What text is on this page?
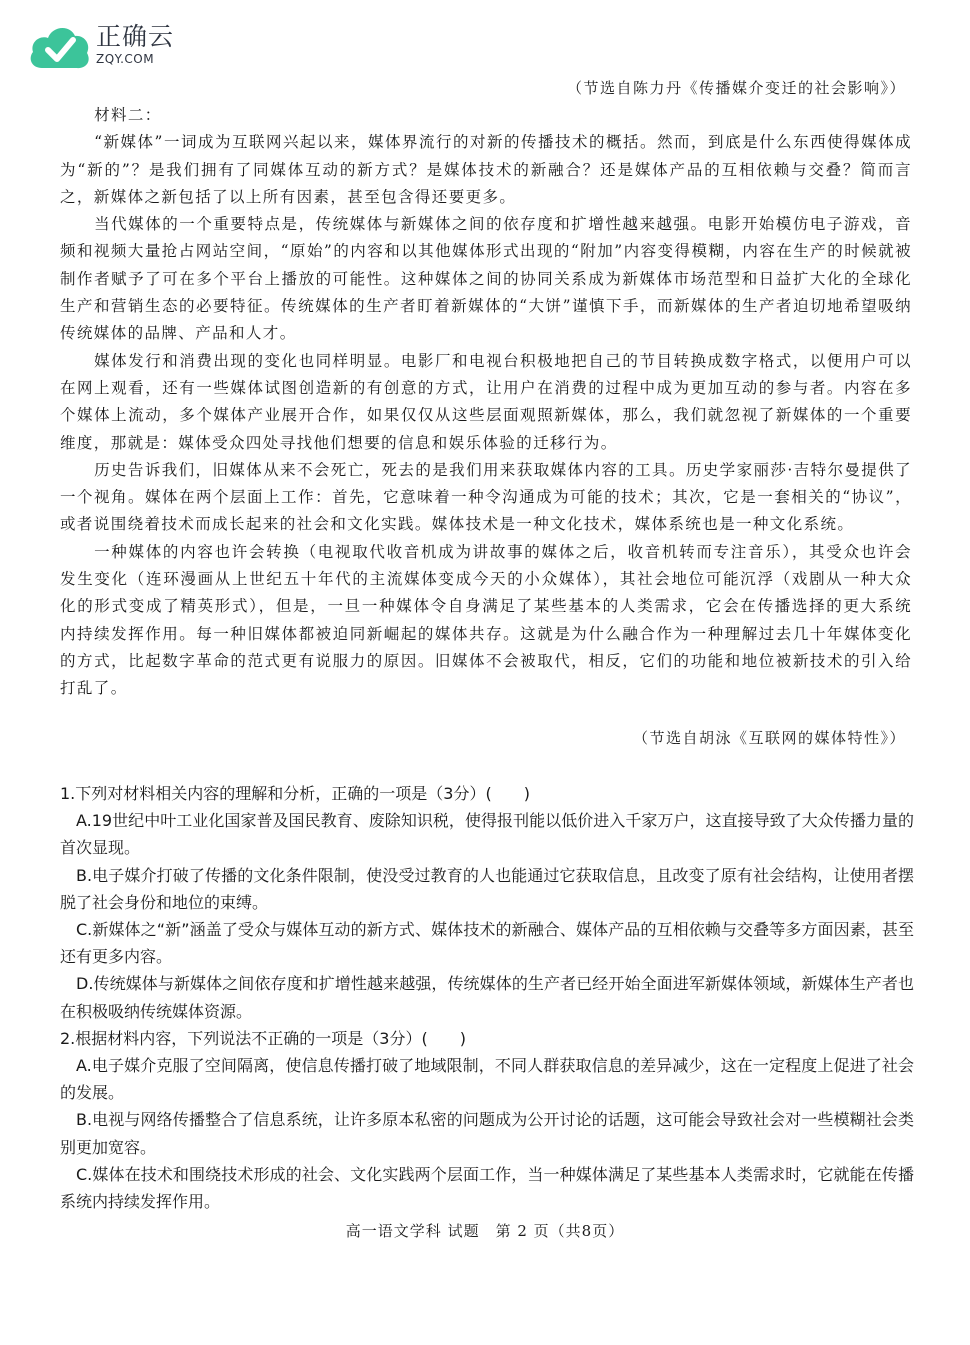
正确云
ZQY.COM
（节选自陈力丹《传播媒介变迁的社会影响》）
材料二：

“新媒体”一词成为互联网兴起以来，媒体界流行的对新的传播技术的概括。然而，到底是什么东西使得媒体成为“新的”？是我们拥有了同媒体互动的新方式？是媒体技术的新融合？还是媒体产品的互相依赖与交叠？简而言之，新媒体之新包括了以上所有因素，甚至包含得还要更多。

当代媒体的一个重要特点是，传统媒体与新媒体之间的依存度和扩增性越来越强。电影开始模仿电子游戏，音频和视频大量抢占网站空间，“原始”的内容和以其他媒体形式出现的“附加”内容变得模糊，内容在生产的时候就被制作者赋予了可在多个平台上播放的可能性。这种媒体之间的协同关系成为新媒体市场范型和日益扩大化的全球化生产和营销生态的必要特征。传统媒体的生产者盯着新媒体的“大饼”谨慎下手，而新媒体的生产者迫切地希望吸纳传统媒体的品牌、产品和人才。

媒体发行和消费出现的变化也同样明显。电影厂和电视台积极地把自己的节目转换成数字格式，以便用户可以在网上观看，还有一些媒体试图创造新的有创意的方式，让用户在消费的过程中成为更加互动的参与者。内容在多个媒体上流动，多个媒体产业展开合作，如果仅仅从这些层面观照新媒体，那么，我们就忽视了新媒体的一个重要维度，那就是：媒体受众四处寻找他们想要的信息和娱乐体验的迁移行为。

历史告诉我们，旧媒体从来不会死亡，死去的是我们用来获取媒体内容的工具。历史学家丽莎·吉特尔曼提供了一个视角。媒体在两个层面上工作：首先，它意味着一种令沟通成为可能的技术；其次，它是一套相关的“协议”，或者说围绕着技术而成长起来的社会和文化实践。媒体技术是一种文化技术，媒体系统也是一种文化系统。

一种媒体的内容也许会转换（电视取代收音机成为讲故事的媒体之后，收音机转而专注音乐），其受众也许会发生变化（连环漫画从上世纪五十年代的主流媒体变成今天的小众媒体），其社会地位可能沉浮（戏剧从一种大众化的形式变成了精英形式），但是，一旦一种媒体令自身满足了某些基本的人类需求，它会在传播选择的更大系统内持续发挥作用。每一种旧媒体都被迫同新崛起的媒体共存。这就是为什么融合作为一种理解过去几十年媒体变化的方式，比起数字革命的范式更有说服力的原因。旧媒体不会被取代，相反，它们的功能和地位被新技术的引入给打乱了。

（节选自胡泳《互联网的媒体特性》）

1.下列对材料相关内容的理解和分析，正确的一项是（3分）(　　)

A.19世纪中叶工业化国家普及国民教育、废除知识税，使得报刊能以低价进入千家万户，这直接导致了大众传播力量的首次显现。

B.电子媒介打破了传播的文化条件限制，使没受过教育的人也能通过它获取信息，且改变了原有社会结构，让使用者摆脱了社会身份和地位的束缚。

C.新媒体之“新”涵盖了受众与媒体互动的新方式、媒体技术的新融合、媒体产品的互相依赖与交叠等多方面因素，甚至还有更多内容。

D.传统媒体与新媒体之间依存度和扩增性越来越强，传统媒体的生产者已经开始全面进军新媒体领域，新媒体生产者也在积极吸纳传统媒体资源。

2.根据材料内容，下列说法不正确的一项是（3分）(　　)

A.电子媒介克服了空间隔离，使信息传播打破了地域限制，不同人群获取信息的差异减少，这在一定程度上促进了社会的发展。

B.电视与网络传播整合了信息系统，让许多原本私密的问题成为公开讨论的话题，这可能会导致社会对一些模糊社会类别更加宽容。

C.媒体在技术和围绕技术形成的社会、文化实践两个层面工作，当一种媒体满足了某些基本人类需求时，它就能在传播系统内持续发挥作用。

高一语文学科 试题　第 2 页（共8页）
